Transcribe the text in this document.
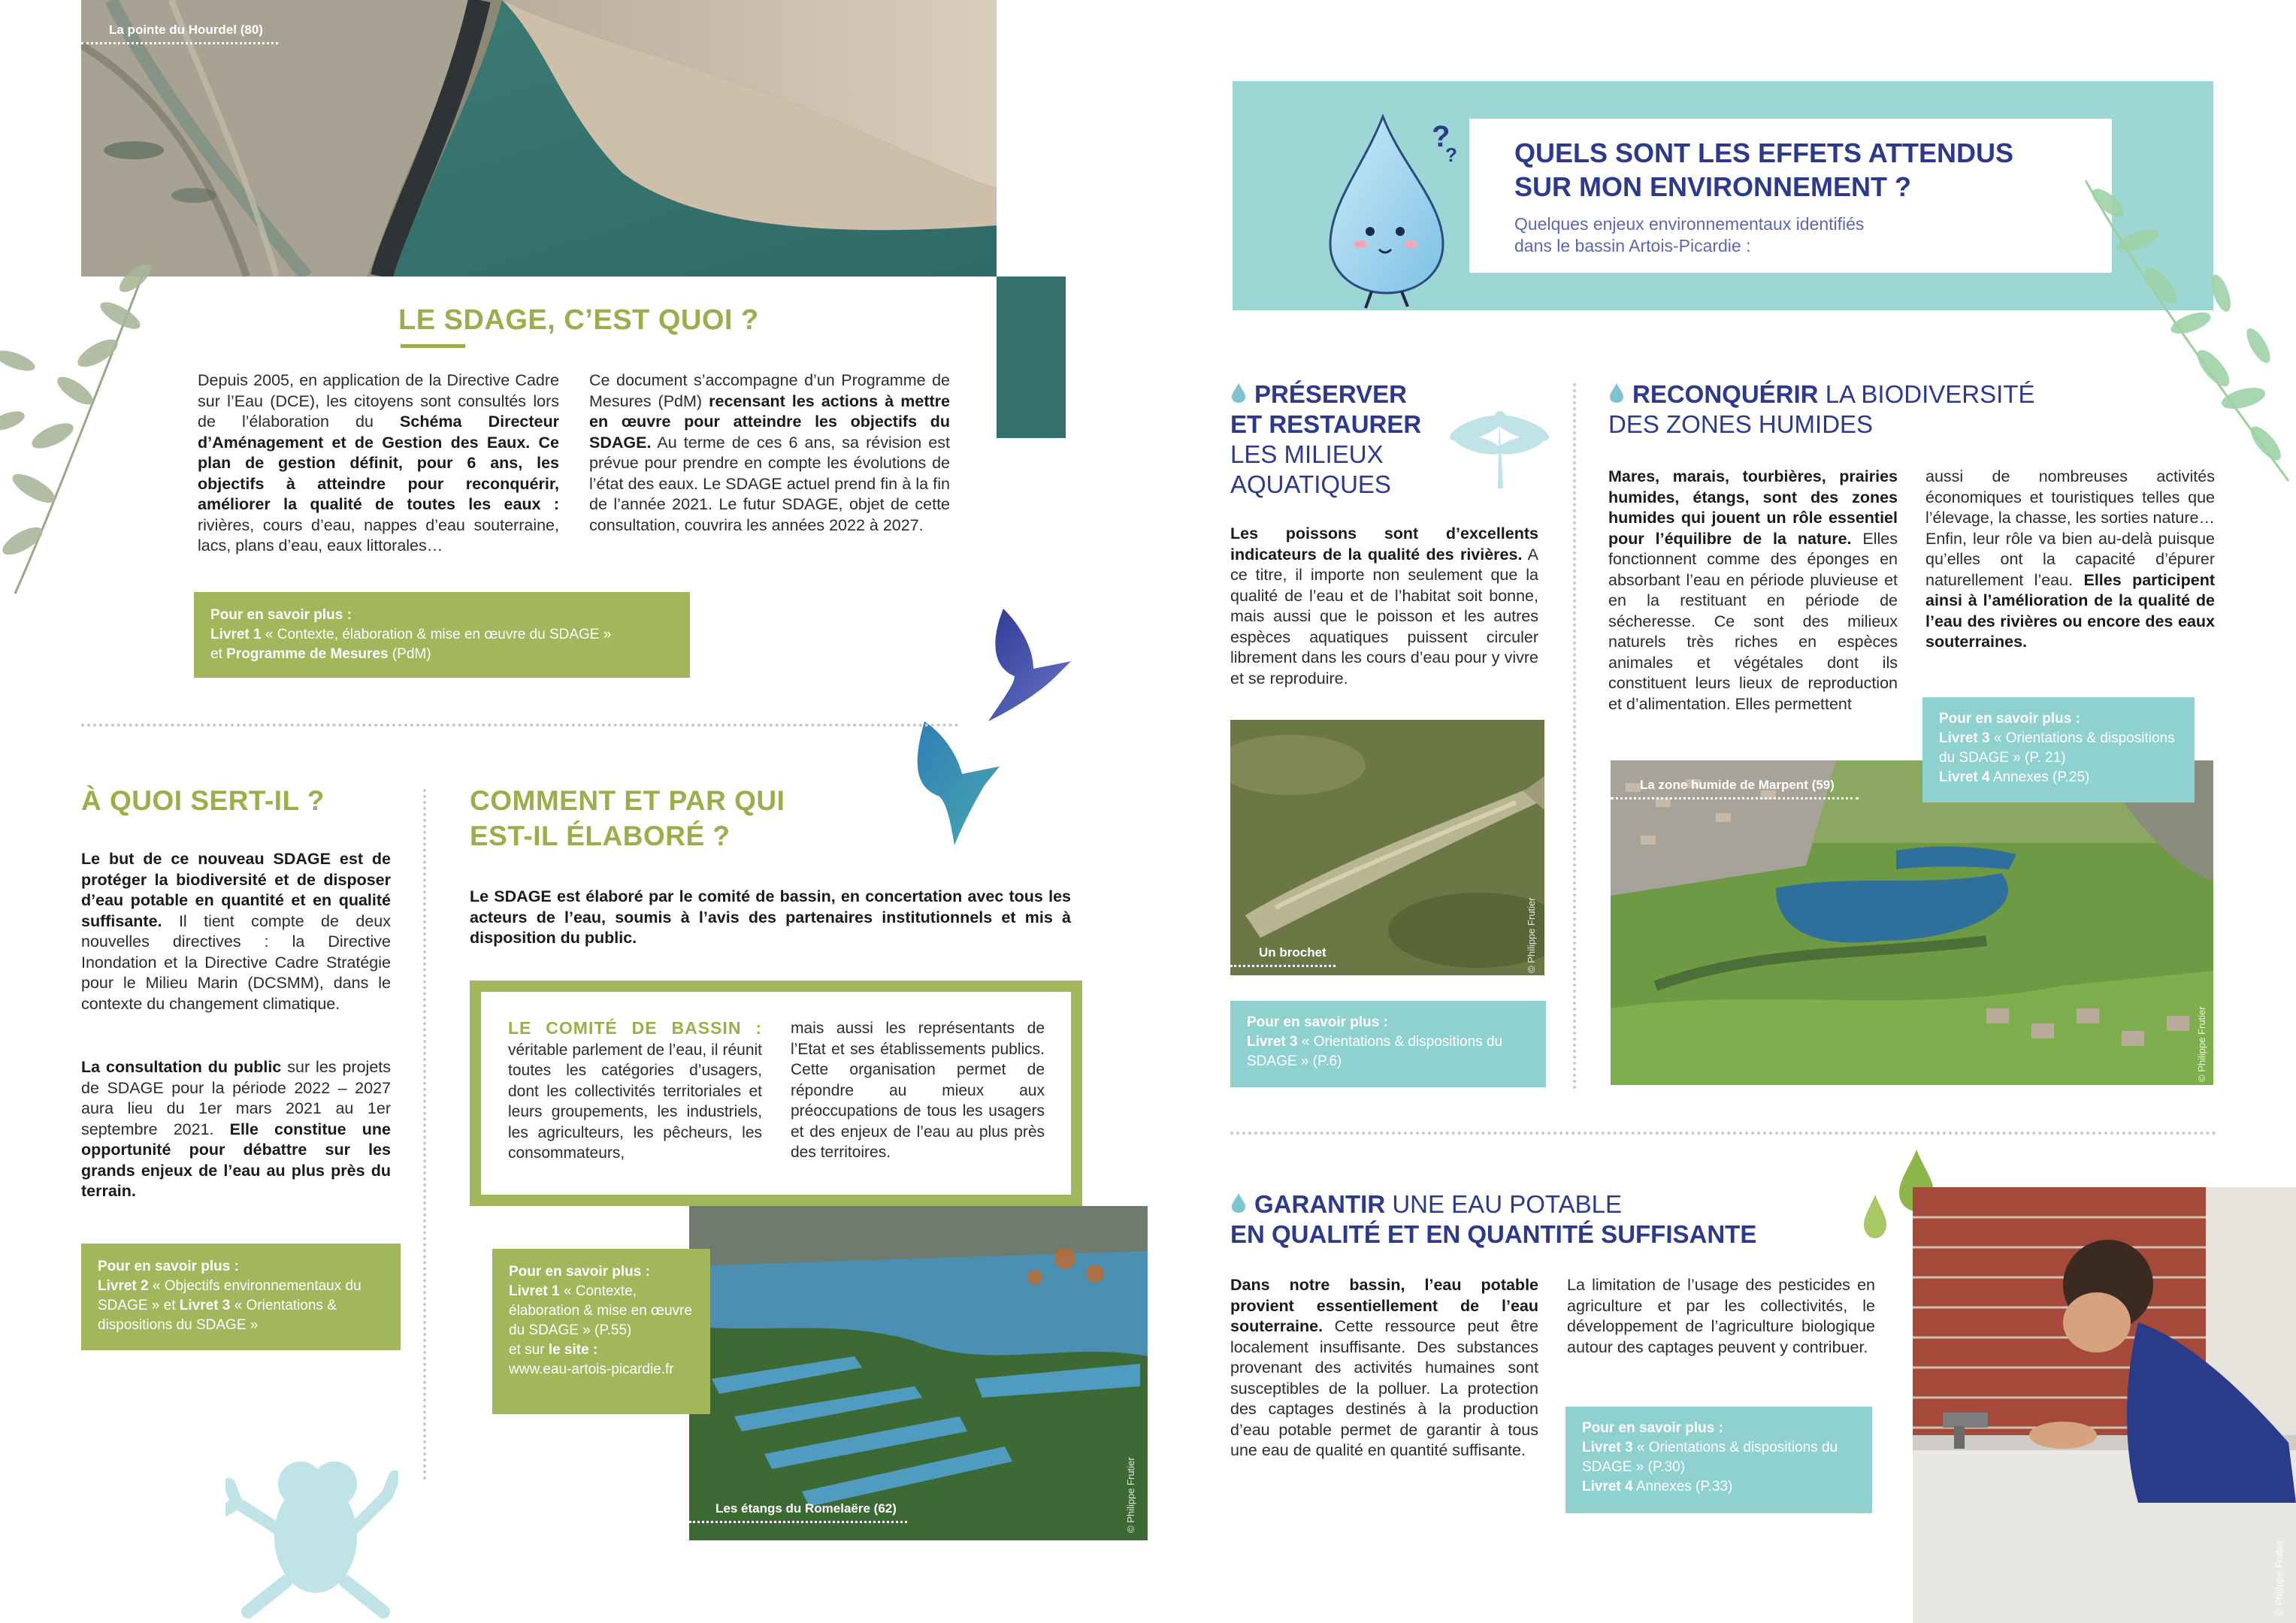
La pointe du Hourdel (80)
LE SDAGE, C’EST QUOI ?
Depuis 2005, en application de la Directive Cadre sur l’Eau (DCE), les citoyens sont consultés lors de l’élaboration du Schéma Directeur d’Aménagement et de Gestion des Eaux. Ce plan de gestion définit, pour 6 ans, les objectifs à atteindre pour reconquérir, améliorer la qualité de toutes les eaux : rivières, cours d’eau, nappes d’eau souterraine, lacs, plans d’eau, eaux littorales…
Ce document s’accompagne d’un Programme de Mesures (PdM) recensant les actions à mettre en œuvre pour atteindre les objectifs du SDAGE. Au terme de ces 6 ans, sa révision est prévue pour prendre en compte les évolutions de l’état des eaux. Le SDAGE actuel prend fin à la fin de l’année 2021. Le futur SDAGE, objet de cette consultation, couvrira les années 2022 à 2027.
Pour en savoir plus :
Livret 1 « Contexte, élaboration & mise en œuvre du SDAGE »
et Programme de Mesures (PdM)
À QUOI SERT-IL ?
Le but de ce nouveau SDAGE est de protéger la biodiversité et de disposer d’eau potable en quantité et en qualité suffisante. Il tient compte de deux nouvelles directives : la Directive Inondation et la Directive Cadre Stratégie pour le Milieu Marin (DCSMM), dans le contexte du changement climatique.
La consultation du public sur les projets de SDAGE pour la période 2022 – 2027 aura lieu du 1er mars 2021 au 1er septembre 2021. Elle constitue une opportunité pour débattre sur les grands enjeux de l’eau au plus près du terrain.
Pour en savoir plus :
Livret 2 « Objectifs environnementaux du SDAGE » et Livret 3 « Orientations & dispositions du SDAGE »
COMMENT ET PAR QUI
EST-IL ÉLABORÉ ?
Le SDAGE est élaboré par le comité de bassin, en concertation avec tous les acteurs de l’eau, soumis à l’avis des partenaires institutionnels et mis à disposition du public.
LE COMITÉ DE BASSIN : véritable parlement de l’eau, il réunit toutes les catégories d’usagers, dont les collectivités territoriales et leurs groupements, les industriels, les agriculteurs, les pêcheurs, les consommateurs,
mais aussi les représentants de l’Etat et ses établissements publics. Cette organisation permet de répondre au mieux aux préoccupations de tous les usagers et des enjeux de l’eau au plus près des territoires.
Les étangs du Romelaëre (62)	© Philippe Frutier
Pour en savoir plus :
Livret 1 « Contexte, élaboration & mise en œuvre du SDAGE » (P.55)
et sur le site :
www.eau-artois-picardie.fr
?
? QUELS SONT LES EFFETS ATTENDUS
SUR MON ENVIRONNEMENT ?
Quelques enjeux environnementaux identifiés
dans le bassin Artois-Picardie :
PRÉSERVER
ET RESTAURER
LES MILIEUX
AQUATIQUES
Les poissons sont d’excellents indicateurs de la qualité des rivières. A ce titre, il importe non seulement que la qualité de l’eau et de l’habitat soit bonne, mais aussi que le poisson et les autres espèces aquatiques puissent circuler librement dans les cours d’eau pour y vivre et se reproduire.
Un brochet	© Philippe Frutier
Pour en savoir plus :
Livret 3 « Orientations & dispositions du SDAGE » (P.6)
RECONQUÉRIR LA BIODIVERSITÉ
DES ZONES HUMIDES
Mares, marais, tourbières, prairies humides, étangs, sont des zones humides qui jouent un rôle essentiel pour l’équilibre de la nature. Elles fonctionnent comme des éponges en absorbant l’eau en période pluvieuse et en la restituant en période de sécheresse. Ce sont des milieux naturels très riches en espèces animales et végétales dont ils constituent leurs lieux de reproduction et d’alimentation. Elles permettent
aussi de nombreuses activités économiques et touristiques telles que l’élevage, la chasse, les sorties nature… Enfin, leur rôle va bien au-delà puisque qu’elles ont la capacité d’épurer naturellement l’eau. Elles participent ainsi à l’amélioration de la qualité de l’eau des rivières ou encore des eaux souterraines.
La zone humide de Marpent (59)
© Philippe Frutier
Pour en savoir plus :
Livret 3 « Orientations & dispositions du SDAGE » (P. 21)
Livret 4 Annexes (P.25)
GARANTIR UNE EAU POTABLE
EN QUALITÉ ET EN QUANTITÉ SUFFISANTE
Dans notre bassin, l’eau potable provient essentiellement de l’eau souterraine. Cette ressource peut être localement insuffisante. Des substances provenant des activités humaines sont susceptibles de la polluer. La protection des captages destinés à la production d’eau potable permet de garantir à tous une eau de qualité en quantité suffisante.
La limitation de l’usage des pesticides en agriculture et par les collectivités, le développement de l’agriculture biologique autour des captages peuvent y contribuer.
Pour en savoir plus :
Livret 3 « Orientations & dispositions du SDAGE » (P.30)
Livret 4 Annexes (P.33)
© Philippe Frutier
